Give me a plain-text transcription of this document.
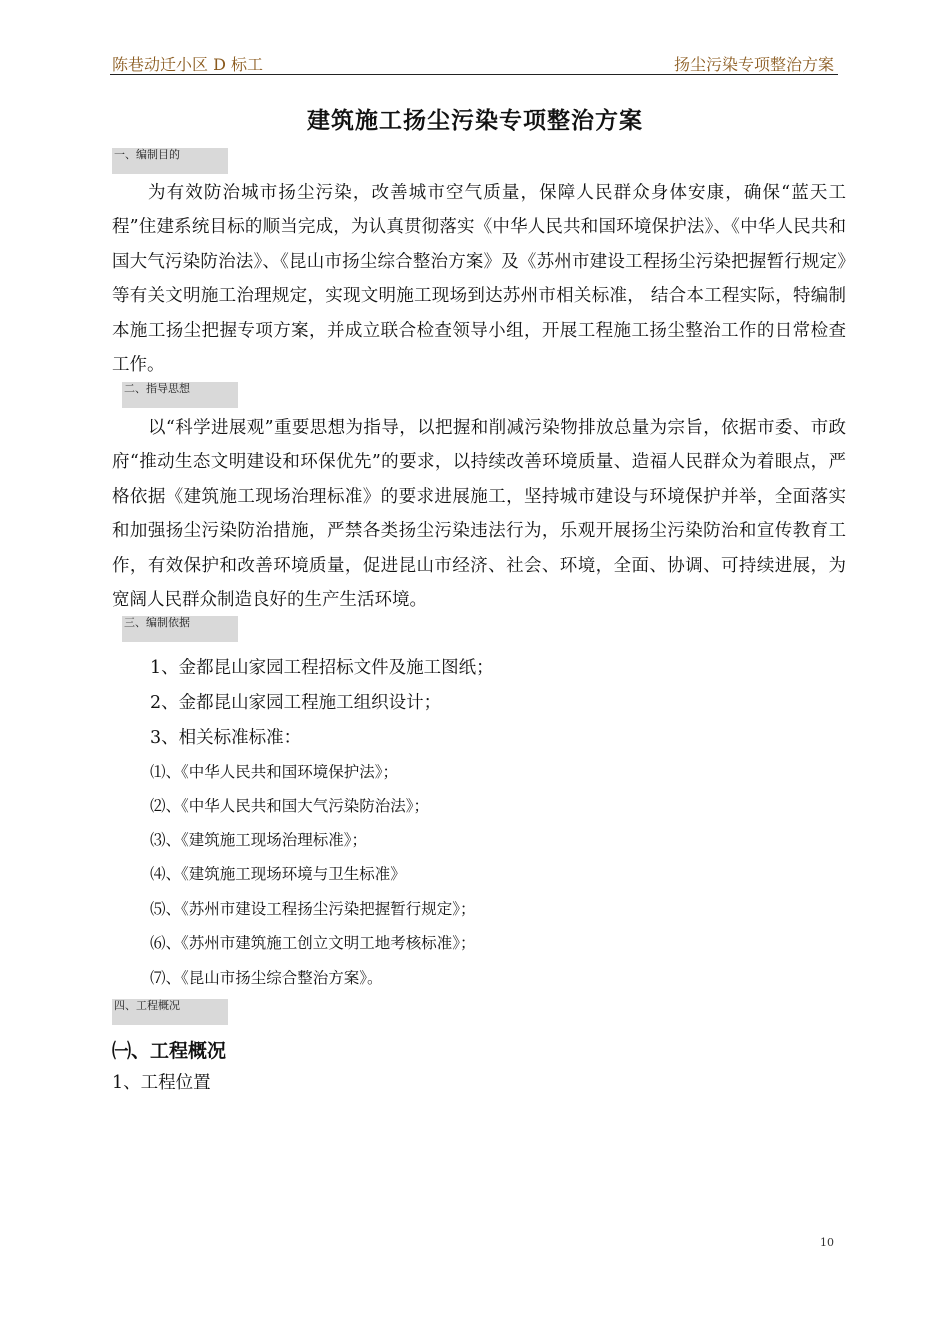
陈巷动迁小区 D 标工	扬尘污染专项整治方案
建筑施工扬尘污染专项整治方案
一、编制目的
为有效防治城市扬尘污染，改善城市空气质量，保障人民群众身体安康，确保“蓝天工程”住建系统目标的顺当完成，为认真贯彻落实《中华人民共和国环境保护法》、《中华人民共和国大气污染防治法》、《昆山市扬尘综合整治方案》及《苏州市建设工程扬尘污染把握暂行规定》等有关文明施工治理规定，实现文明施工现场到达苏州市相关标准， 结合本工程实际，特编制本施工扬尘把握专项方案，并成立联合检查领导小组，开展工程施工扬尘整治工作的日常检查工作。
二、指导思想
以“科学进展观”重要思想为指导，以把握和削减污染物排放总量为宗旨，依据市委、市政府“推动生态文明建设和环保优先”的要求，以持续改善环境质量、造福人民群众为着眼点，严格依据《建筑施工现场治理标准》的要求进展施工，坚持城市建设与环境保护并举，全面落实和加强扬尘污染防治措施，严禁各类扬尘污染违法行为，乐观开展扬尘污染防治和宣传教育工作，有效保护和改善环境质量，促进昆山市经济、社会、环境，全面、协调、可持续进展，为宽阔人民群众制造良好的生产生活环境。
三、编制依据
1、金都昆山家园工程招标文件及施工图纸；
2、金都昆山家园工程施工组织设计；
3、相关标准标准：
⑴、《中华人民共和国环境保护法》；
⑵、《中华人民共和国大气污染防治法》；
⑶、《建筑施工现场治理标准》；
⑷、《建筑施工现场环境与卫生标准》
⑸、《苏州市建设工程扬尘污染把握暂行规定》；
⑹、《苏州市建筑施工创立文明工地考核标准》；
⑺、《昆山市扬尘综合整治方案》。
四、工程概况
㈠、工程概况
1、工程位置
10
